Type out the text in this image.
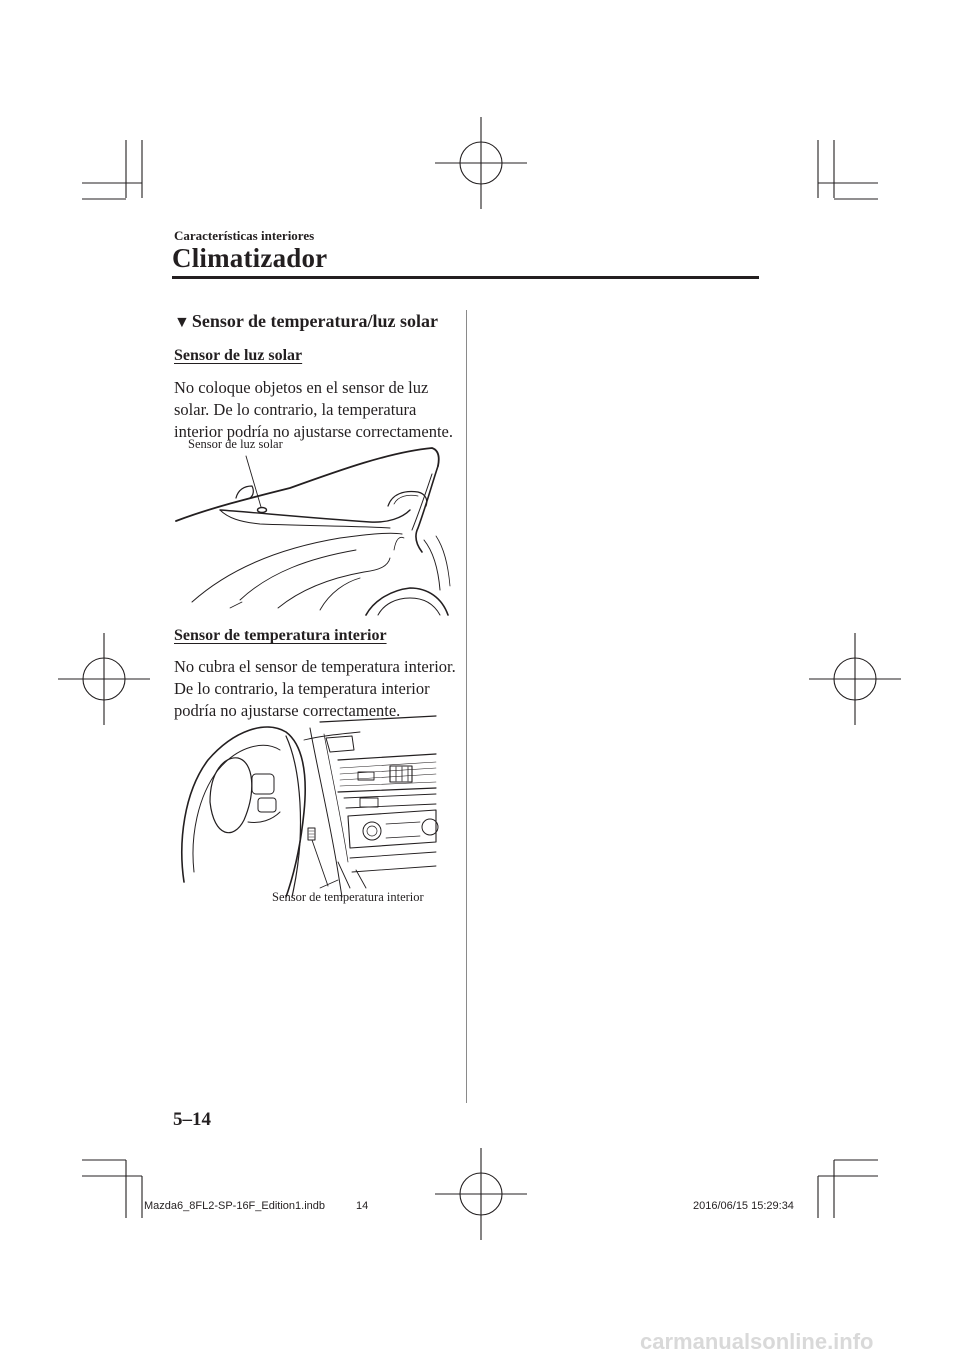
Características interiores
Climatizador
▼ Sensor de temperatura/luz solar
Sensor de luz solar
No coloque objetos en el sensor de luz solar. De lo contrario, la temperatura interior podría no ajustarse correctamente.
Sensor de luz solar
Sensor de temperatura interior
No cubra el sensor de temperatura interior. De lo contrario, la temperatura interior podría no ajustarse correctamente.
Sensor de temperatura interior
5–14
Mazda6_8FL2-SP-16F_Edition1.indb	14	2016/06/15 15:29:34
carmanualsonline.info
